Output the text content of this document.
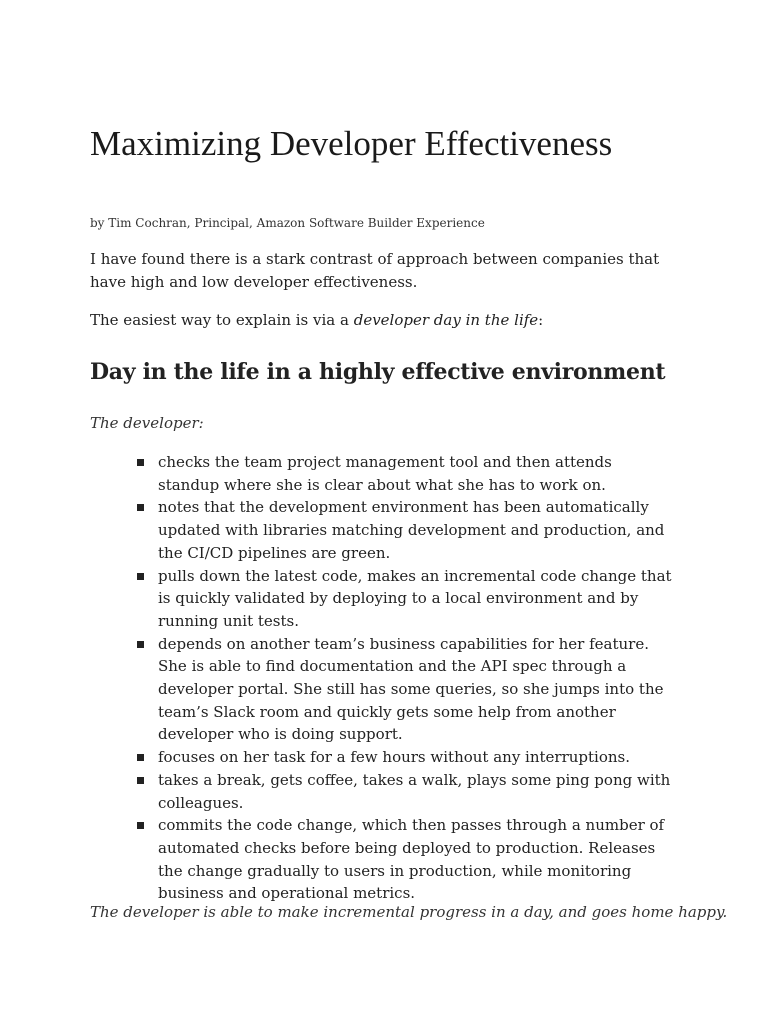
Maximizing Developer Effectiveness

by Tim Cochran, Principal, Amazon Software Builder Experience

I have found there is a stark contrast of approach between companies that have high and low developer effectiveness.

The easiest way to explain is via a developer day in the life:

Day in the life in a highly effective environment

The developer:

checks the team project management tool and then attends standup where she is clear about what she has to work on.
notes that the development environment has been automatically updated with libraries matching development and production, and the CI/CD pipelines are green.
pulls down the latest code, makes an incremental code change that is quickly validated by deploying to a local environment and by running unit tests.
depends on another team’s business capabilities for her feature. She is able to find documentation and the API spec through a developer portal. She still has some queries, so she jumps into the team’s Slack room and quickly gets some help from another developer who is doing support.
focuses on her task for a few hours without any interruptions.
takes a break, gets coffee, takes a walk, plays some ping pong with colleagues.
commits the code change, which then passes through a number of automated checks before being deployed to production. Releases the change gradually to users in production, while monitoring business and operational metrics.

The developer is able to make incremental progress in a day, and goes home happy.
